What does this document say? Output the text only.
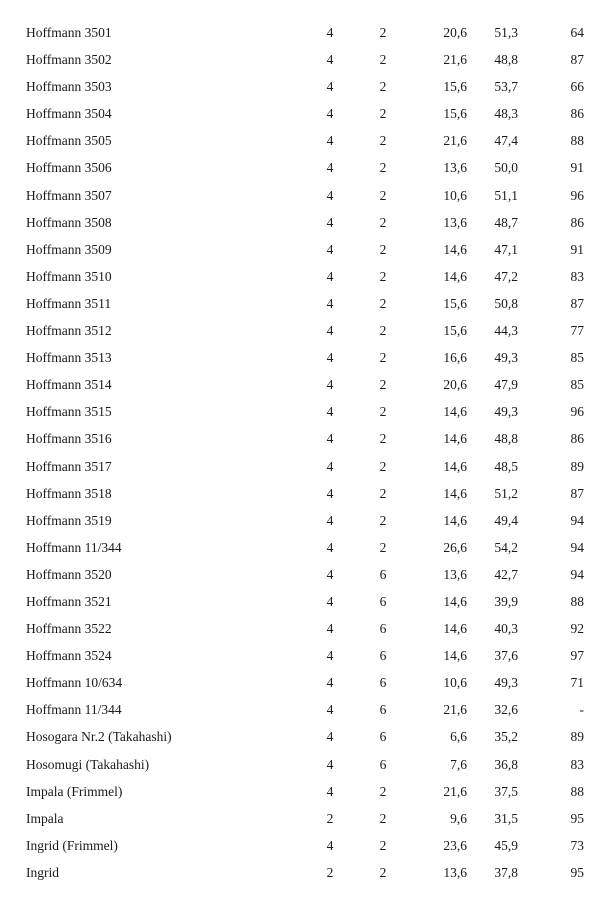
Hoffmann 3501	4	2	20,6	51,3	64
Hoffmann 3502	4	2	21,6	48,8	87
Hoffmann 3503	4	2	15,6	53,7	66
Hoffmann 3504	4	2	15,6	48,3	86
Hoffmann 3505	4	2	21,6	47,4	88
Hoffmann 3506	4	2	13,6	50,0	91
Hoffmann 3507	4	2	10,6	51,1	96
Hoffmann 3508	4	2	13,6	48,7	86
Hoffmann 3509	4	2	14,6	47,1	91
Hoffmann 3510	4	2	14,6	47,2	83
Hoffmann 3511	4	2	15,6	50,8	87
Hoffmann 3512	4	2	15,6	44,3	77
Hoffmann 3513	4	2	16,6	49,3	85
Hoffmann 3514	4	2	20,6	47,9	85
Hoffmann 3515	4	2	14,6	49,3	96
Hoffmann 3516	4	2	14,6	48,8	86
Hoffmann 3517	4	2	14,6	48,5	89
Hoffmann 3518	4	2	14,6	51,2	87
Hoffmann 3519	4	2	14,6	49,4	94
Hoffmann 11/344	4	2	26,6	54,2	94
Hoffmann 3520	4	6	13,6	42,7	94
Hoffmann 3521	4	6	14,6	39,9	88
Hoffmann 3522	4	6	14,6	40,3	92
Hoffmann 3524	4	6	14,6	37,6	97
Hoffmann 10/634	4	6	10,6	49,3	71
Hoffmann 11/344	4	6	21,6	32,6	-
Hosogara Nr.2 (Takahashi)	4	6	6,6	35,2	89
Hosomugi (Takahashi)	4	6	7,6	36,8	83
Impala (Frimmel)	4	2	21,6	37,5	88
Impala	2	2	9,6	31,5	95
Ingrid (Frimmel)	4	2	23,6	45,9	73
Ingrid	2	2	13,6	37,8	95
